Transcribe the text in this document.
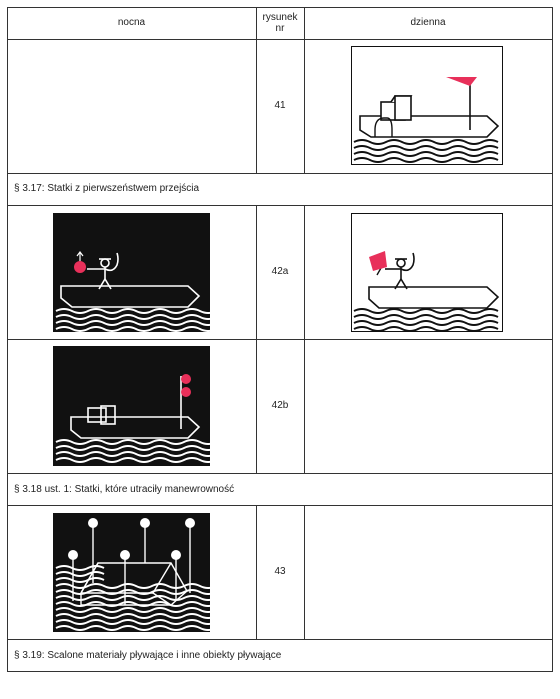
nocna	rysunek
nr
dzienna
41
42a
42b
43
§ 3.17: Statki z pierwszeństwem przejścia
§ 3.18 ust. 1: Statki, które utraciły manewrowność
§ 3.19: Scalone materiały pływające i inne obiekty pływające
